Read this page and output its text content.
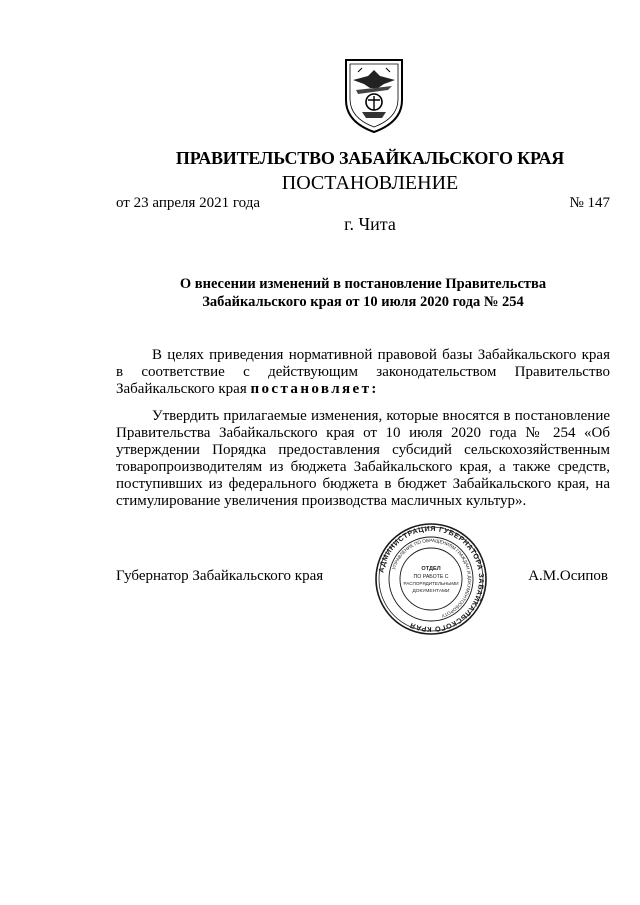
ПРАВИТЕЛЬСТВО ЗАБАЙКАЛЬСКОГО КРАЯ
ПОСТАНОВЛЕНИЕ
от 23 апреля 2021 года	№ 147
г. Чита
О внесении изменений в постановление Правительства
Забайкальского края от 10 июля 2020 года № 254

В целях приведения нормативной правовой базы Забайкальского края в соответствие с действующим законодательством Правительство Забайкальского края постановляет:

Утвердить прилагаемые изменения, которые вносятся в постановление Правительства Забайкальского края от 10 июля 2020 года № 254 «Об утверждении Порядка предоставления субсидий сельскохозяйственным товаропроизводителям из бюджета Забайкальского края, а также средств, поступивших из федерального бюджета в бюджет Забайкальского края, на стимулирование увеличения производства масличных культур».

Губернатор Забайкальского края	А.М.Осипов
АДМИНИСТРАЦИЯ ГУБЕРНАТОРА ЗАБАЙКАЛЬСКОГО КРАЯ
УПРАВЛЕНИЕ ПО ОБРАЩЕНИЯМ ГРАЖДАН И ДОКУМЕНТООБОРОТУ
ОТДЕЛ
ПО РАБОТЕ С
РАСПОРЯДИТЕЛЬНЫМИ
ДОКУМЕНТАМИ
